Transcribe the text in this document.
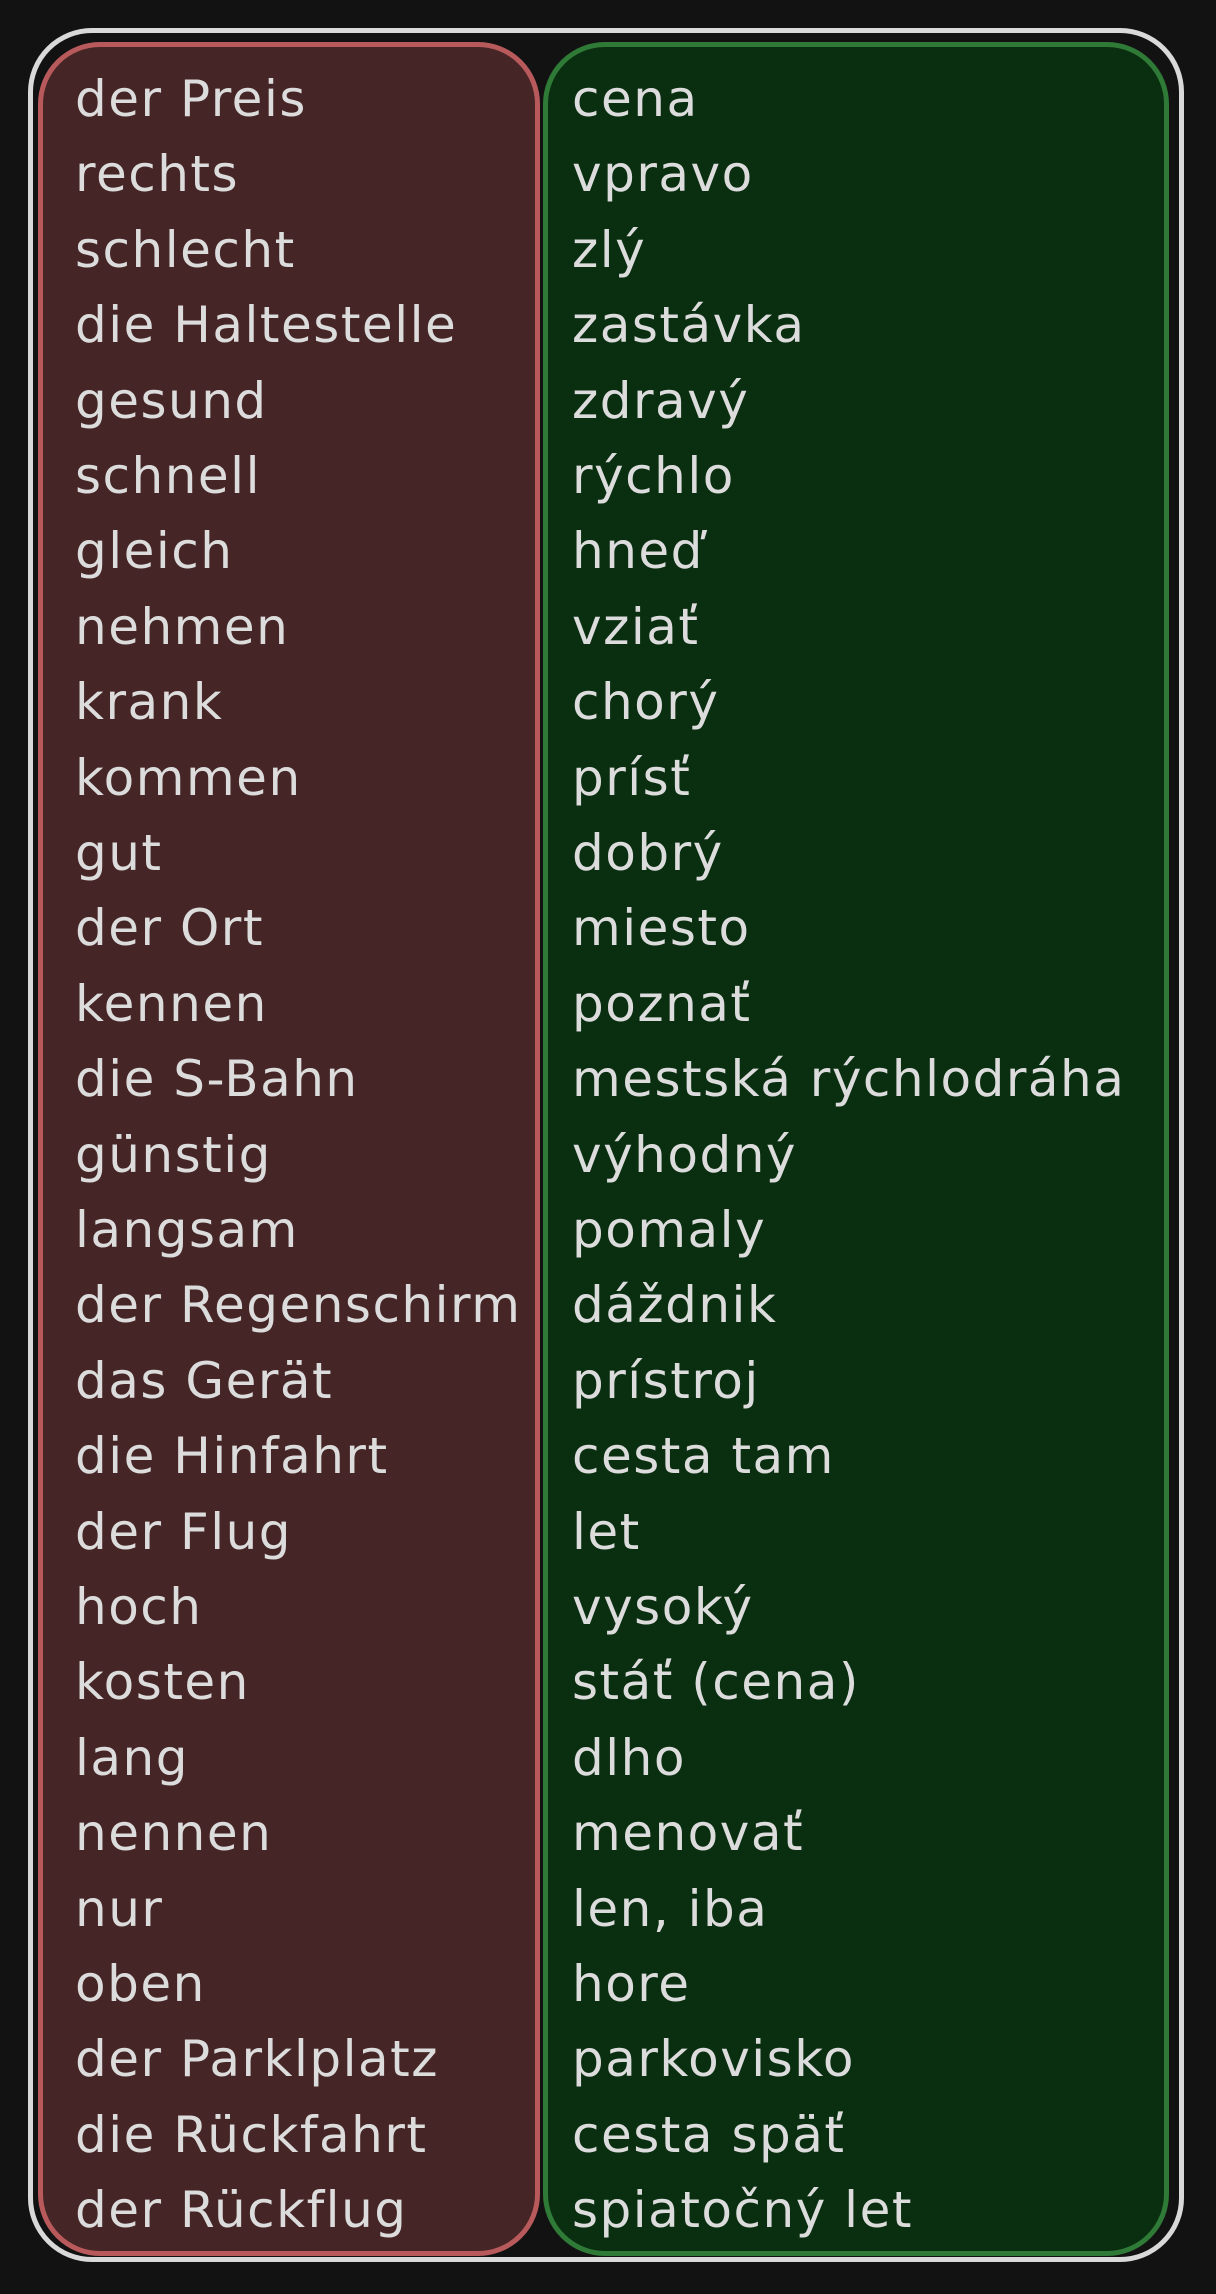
der Preis
rechts
schlecht
die Haltestelle
gesund
schnell
gleich
nehmen
krank
kommen
gut
der Ort
kennen
die S-Bahn
günstig
langsam
der Regenschirm
das Gerät
die Hinfahrt
der Flug
hoch
kosten
lang
nennen
nur
oben
der Parklplatz
die Rückfahrt
der Rückflug
cena
vpravo
zlý
zastávka
zdravý
rýchlo
hneď
vziať
chorý
prísť
dobrý
miesto
poznať
mestská rýchlodráha
výhodný
pomaly
dáždnik
prístroj
cesta tam
let
vysoký
stáť (cena)
dlho
menovať
len, iba
hore
parkovisko
cesta späť
spiatočný let
